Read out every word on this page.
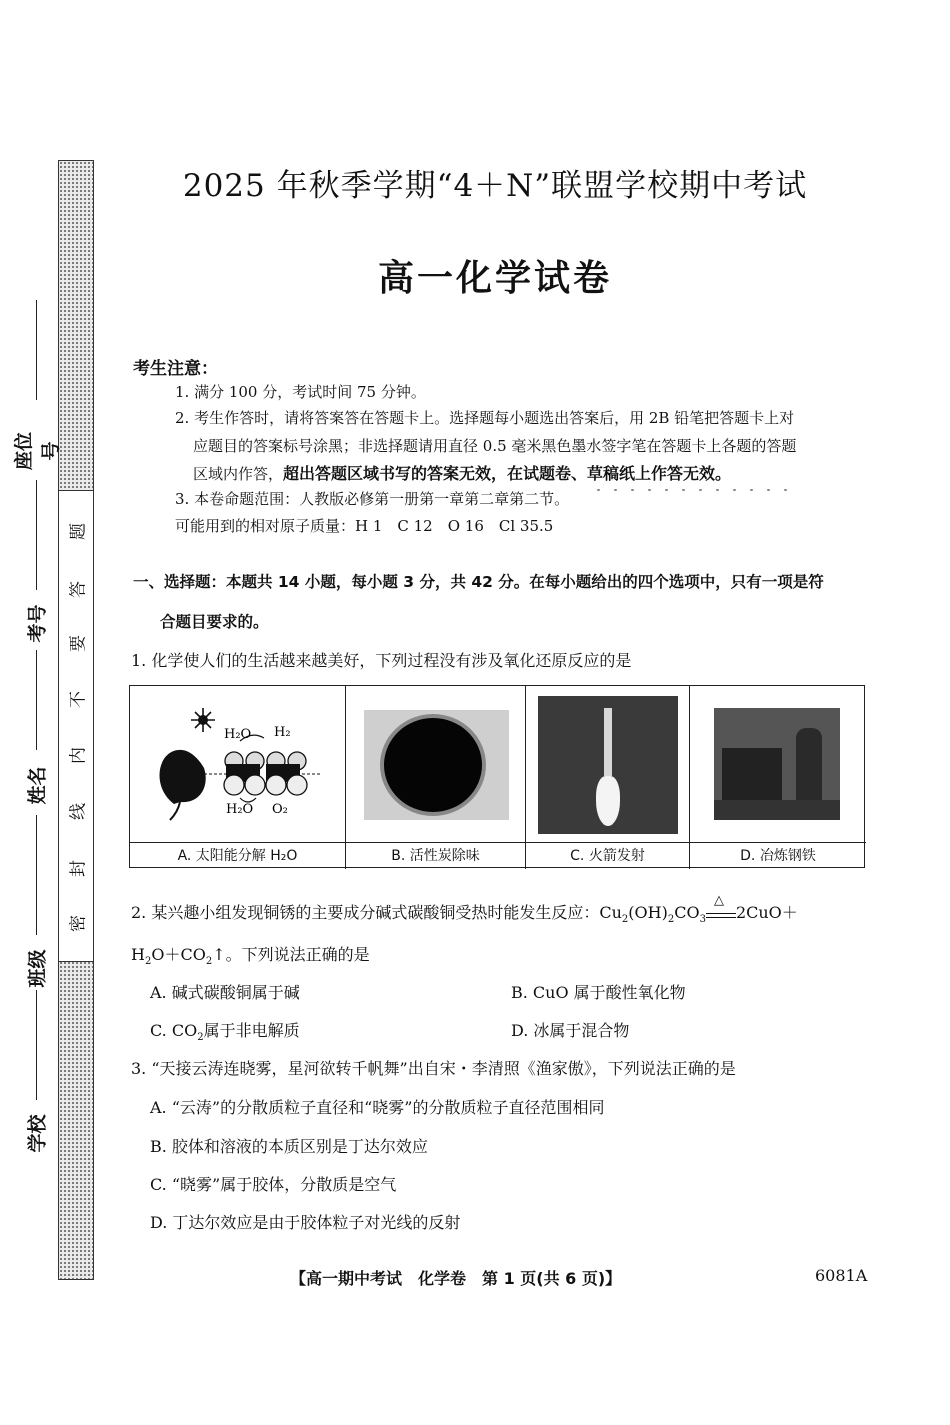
密
封
线
内
不
要
答
题
座位号
考号
姓名
班级
学校
2025 年秋季学期“4＋N”联盟学校期中考试
高一化学试卷
考生注意：
1. 满分 100 分，考试时间 75 分钟。
2. 考生作答时，请将答案答在答题卡上。选择题每小题选出答案后，用 2B 铅笔把答题卡上对
应题目的答案标号涂黑；非选择题请用直径 0.5 毫米黑色墨水签字笔在答题卡上各题的答题
区域内作答，超出答题区域书写的答案无效，在试题卷、草稿纸上作答无效。
3. 本卷命题范围：人教版必修第一册第一章第二章第二节。
可能用到的相对原子质量：H 1　C 12　O 16　Cl 35.5
一、选择题：本题共 14 小题，每小题 3 分，共 42 分。在每小题给出的四个选项中，只有一项是符
合题目要求的。
1. 化学使人们的生活越来越美好，下列过程没有涉及氧化还原反应的是
H₂O H₂
H₂O O₂
A. 太阳能分解 H₂O	B. 活性炭除味	C. 火箭发射	D. 冶炼钢铁
2. 某兴趣小组发现铜锈的主要成分碱式碳酸铜受热时能发生反应：$Cu_2(OH)_2CO_3$
△
2CuO＋
$H_2O+CO_2↑$。下列说法正确的是
A. 碱式碳酸铜属于碱	B. CuO 属于酸性氧化物
C. $CO_2$属于非电解质	D. 冰属于混合物
3. “天接云涛连晓雾，星河欲转千帆舞”出自宋・李清照《渔家傲》，下列说法正确的是
A. “云涛”的分散质粒子直径和“晓雾”的分散质粒子直径范围相同
B. 胶体和溶液的本质区别是丁达尔效应
C. “晓雾”属于胶体，分散质是空气
D. 丁达尔效应是由于胶体粒子对光线的反射
【高一期中考试　化学卷　第 1 页(共 6 页)】	6081A
